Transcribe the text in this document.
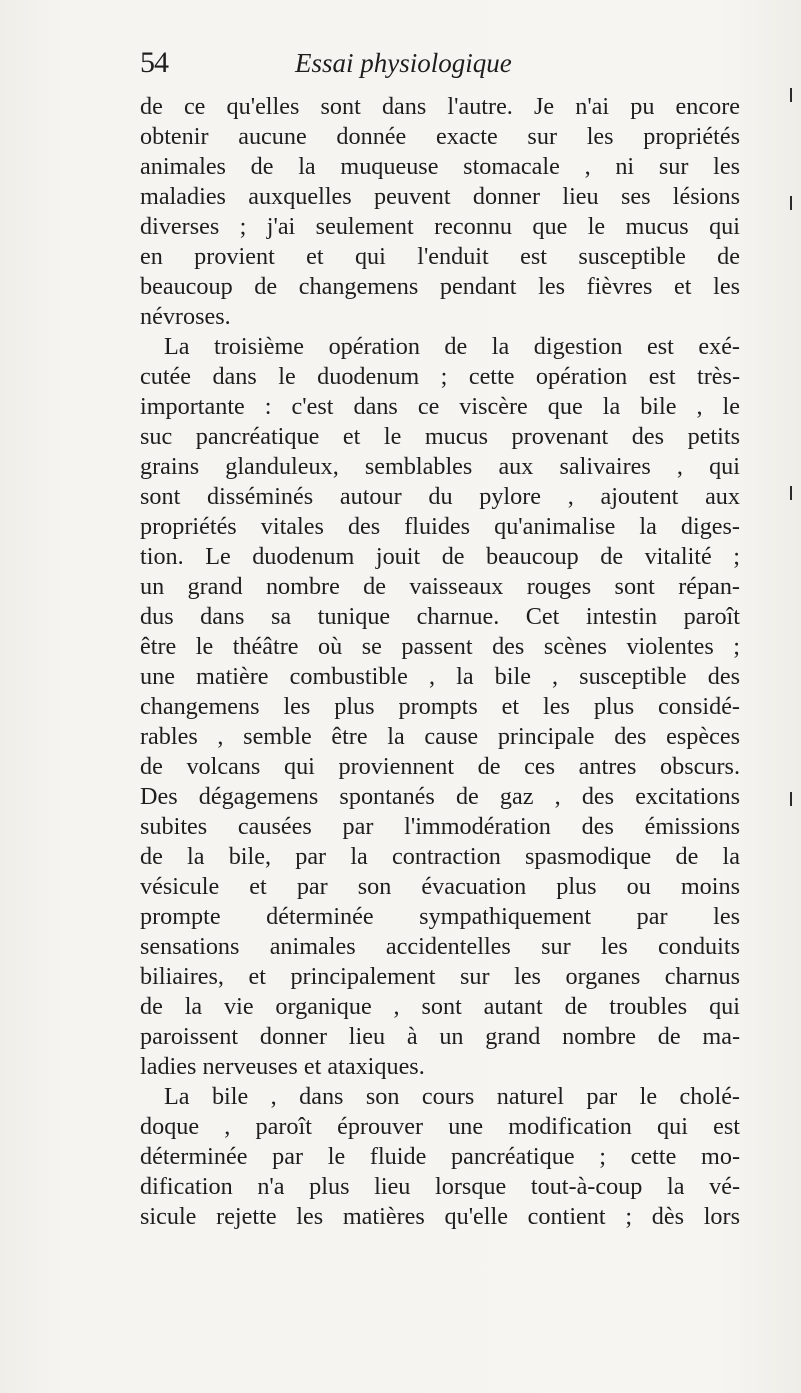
54	Essai physiologique
de ce qu'elles sont dans l'autre. Je n'ai pu encore
obtenir aucune donnée exacte sur les propriétés
animales de la muqueuse stomacale , ni sur les
maladies auxquelles peuvent donner lieu ses lésions
diverses ; j'ai seulement reconnu que le mucus qui
en provient et qui l'enduit est susceptible de
beaucoup de changemens pendant les fièvres et les
névroses.
La troisième opération de la digestion est exé-
cutée dans le duodenum ; cette opération est très-
importante : c'est dans ce viscère que la bile , le
suc pancréatique et le mucus provenant des petits
grains glanduleux, semblables aux salivaires , qui
sont disséminés autour du pylore , ajoutent aux
propriétés vitales des fluides qu'animalise la diges-
tion. Le duodenum jouit de beaucoup de vitalité ;
un grand nombre de vaisseaux rouges sont répan-
dus dans sa tunique charnue. Cet intestin paroît
être le théâtre où se passent des scènes violentes ;
une matière combustible , la bile , susceptible des
changemens les plus prompts et les plus considé-
rables , semble être la cause principale des espèces
de volcans qui proviennent de ces antres obscurs.
Des dégagemens spontanés de gaz , des excitations
subites causées par l'immodération des émissions
de la bile, par la contraction spasmodique de la
vésicule et par son évacuation plus ou moins
prompte déterminée sympathiquement par les
sensations animales accidentelles sur les conduits
biliaires, et principalement sur les organes charnus
de la vie organique , sont autant de troubles qui
paroissent donner lieu à un grand nombre de ma-
ladies nerveuses et ataxiques.
La bile , dans son cours naturel par le cholé-
doque , paroît éprouver une modification qui est
déterminée par le fluide pancréatique ; cette mo-
dification n'a plus lieu lorsque tout-à-coup la vé-
sicule rejette les matières qu'elle contient ; dès lors
